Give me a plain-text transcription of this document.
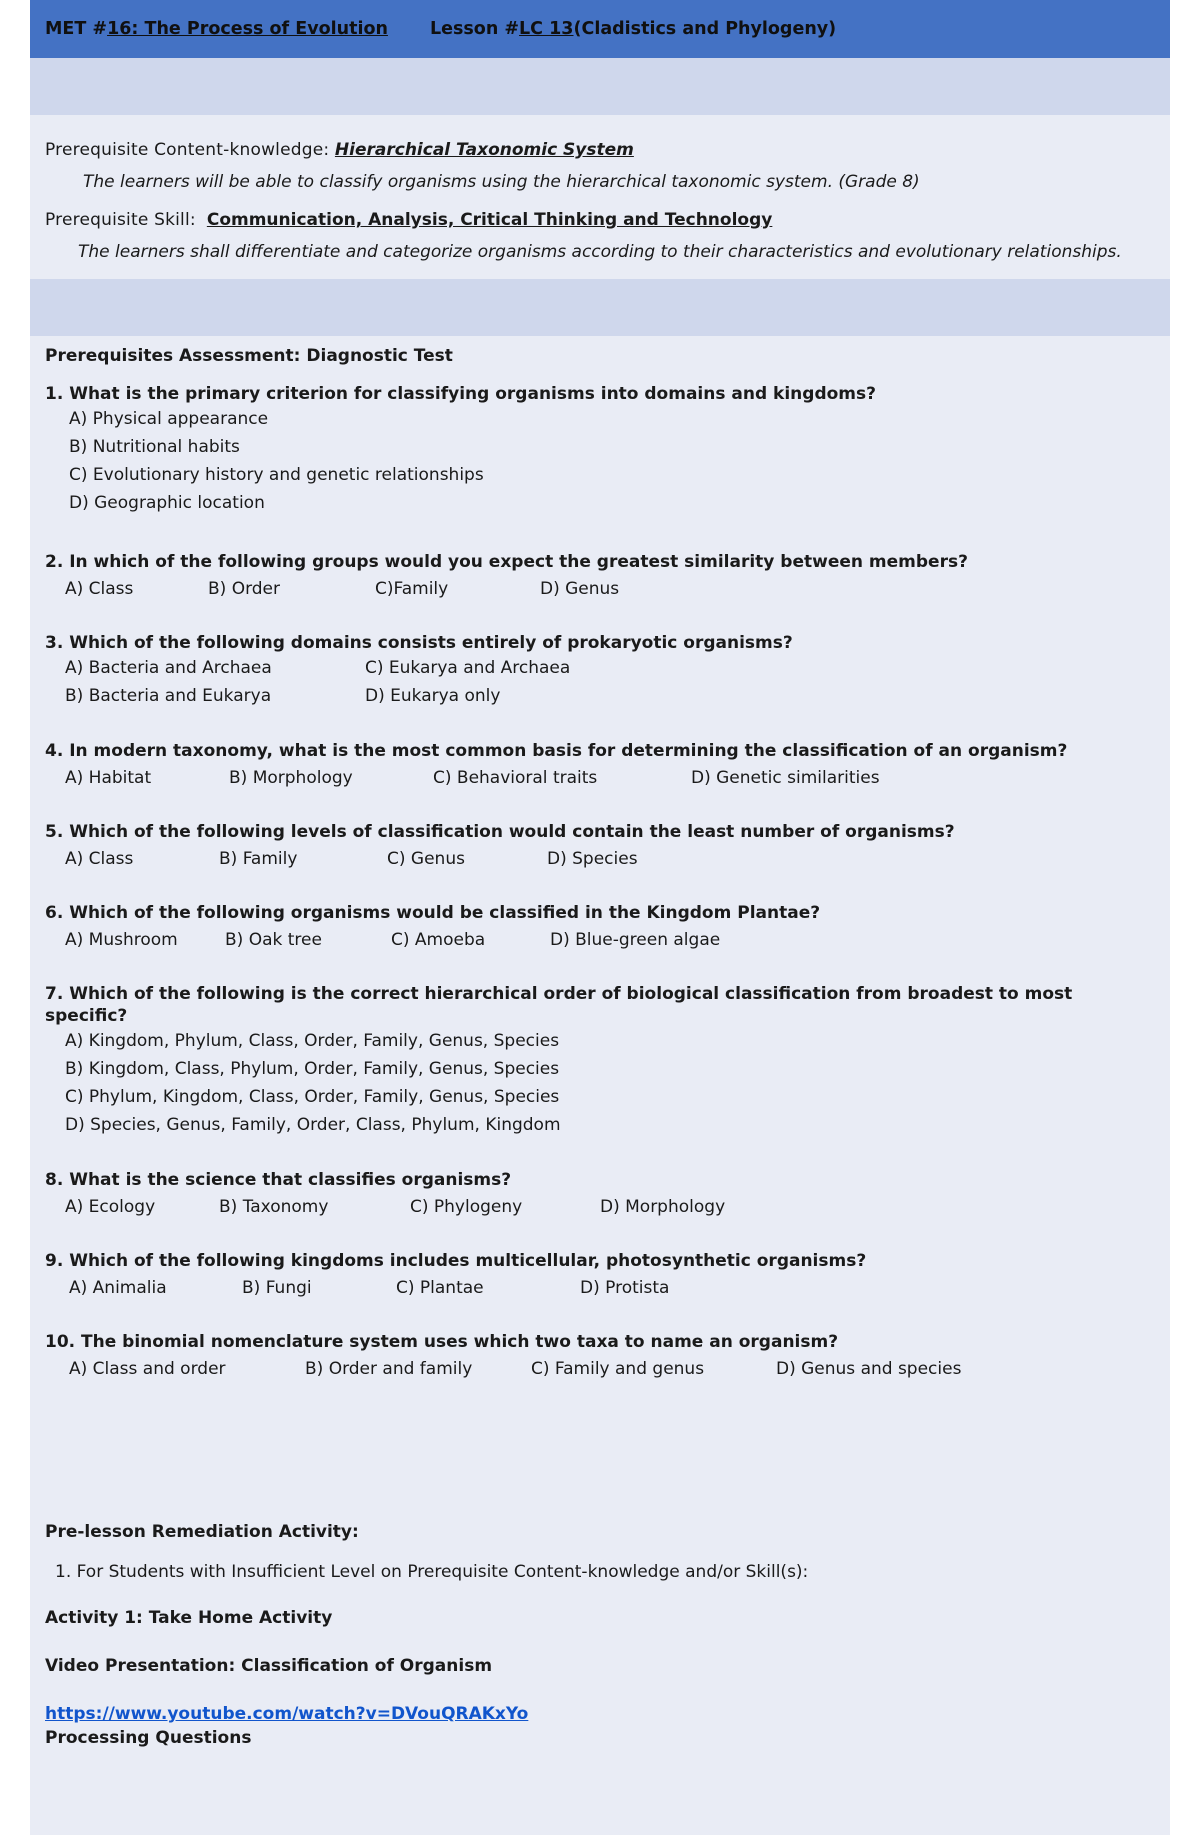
MET # 16: The Process of Evolution Lesson # LC 13 (Cladistics and Phylogeny)
Prerequisite Content-knowledge: Hierarchical Taxonomic System
The learners will be able to classify organisms using the hierarchical taxonomic system. (Grade 8)
Prerequisite Skill:  Communication, Analysis, Critical Thinking and Technology
The learners shall differentiate and categorize organisms according to their characteristics and evolutionary relationships.
Prerequisites Assessment: Diagnostic Test
1. What is the primary criterion for classifying organisms into domains and kingdoms?
A) Physical appearance
B) Nutritional habits
C) Evolutionary history and genetic relationships
D) Geographic location
2. In which of the following groups would you expect the greatest similarity between members?
A) Class	B) Order	C)Family	D) Genus
3. Which of the following domains consists entirely of prokaryotic organisms?
A) Bacteria and Archaea	C) Eukarya and Archaea
B) Bacteria and Eukarya	D) Eukarya only
4. In modern taxonomy, what is the most common basis for determining the classification of an organism?
A) Habitat	B) Morphology	C) Behavioral traits	D) Genetic similarities
5. Which of the following levels of classification would contain the least number of organisms?
A) Class	B) Family	C) Genus	D) Species
6. Which of the following organisms would be classified in the Kingdom Plantae?
A) Mushroom	B) Oak tree	C) Amoeba	D) Blue-green algae
7. Which of the following is the correct hierarchical order of biological classification from broadest to most specific?
A) Kingdom, Phylum, Class, Order, Family, Genus, Species
B) Kingdom, Class, Phylum, Order, Family, Genus, Species
C) Phylum, Kingdom, Class, Order, Family, Genus, Species
D) Species, Genus, Family, Order, Class, Phylum, Kingdom
8. What is the science that classifies organisms?
A) Ecology	B) Taxonomy	C) Phylogeny	D) Morphology
9. Which of the following kingdoms includes multicellular, photosynthetic organisms?
A) Animalia	B) Fungi	C) Plantae	D) Protista
10. The binomial nomenclature system uses which two taxa to name an organism?
A) Class and order	B) Order and family	C) Family and genus	D) Genus and species
Pre-lesson Remediation Activity:
1. For Students with Insufficient Level on Prerequisite Content-knowledge and/or Skill(s):
Activity 1: Take Home Activity
Video Presentation: Classification of Organism
https://www.youtube.com/watch?v=DVouQRAKxYo
Processing Questions
